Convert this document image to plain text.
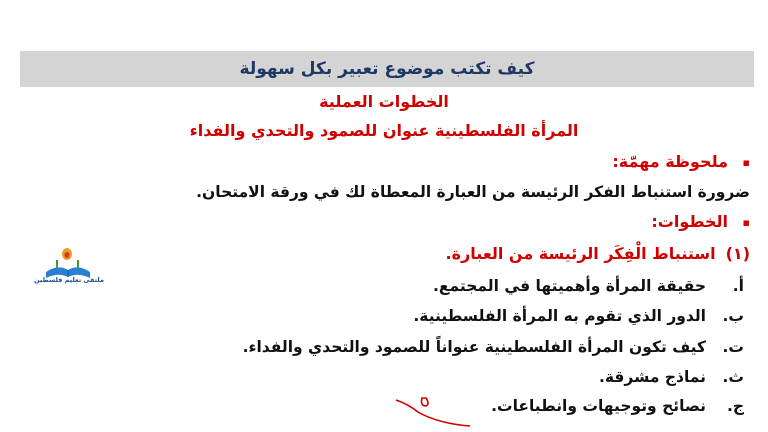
كيف تكتب موضوع تعبير بكل سهولة
الخطوات العملية
المرأة الفلسطينية عنوان للصمود والتحدي والفداء
▪ملحوظة مهمّة:
ضرورة استنباط الفكر الرئيسة من العبارة المعطاة لك في ورقة الامتحان.
▪الخطوات:
(١)استنباط الْفِكَر الرئيسة من العبارة.
أ.حقيقة المرأة وأهميتها في المجتمع.
ب.الدور الذي تقوم به المرأة الفلسطينية.
ت.كيف تكون المرأة الفلسطينية عنواناً للصمود والتحدي والفداء.
ث.نماذج مشرقة.
ج.نصائح وتوجيهات وانطباعات.
ملتقى تعليم فلسطين
